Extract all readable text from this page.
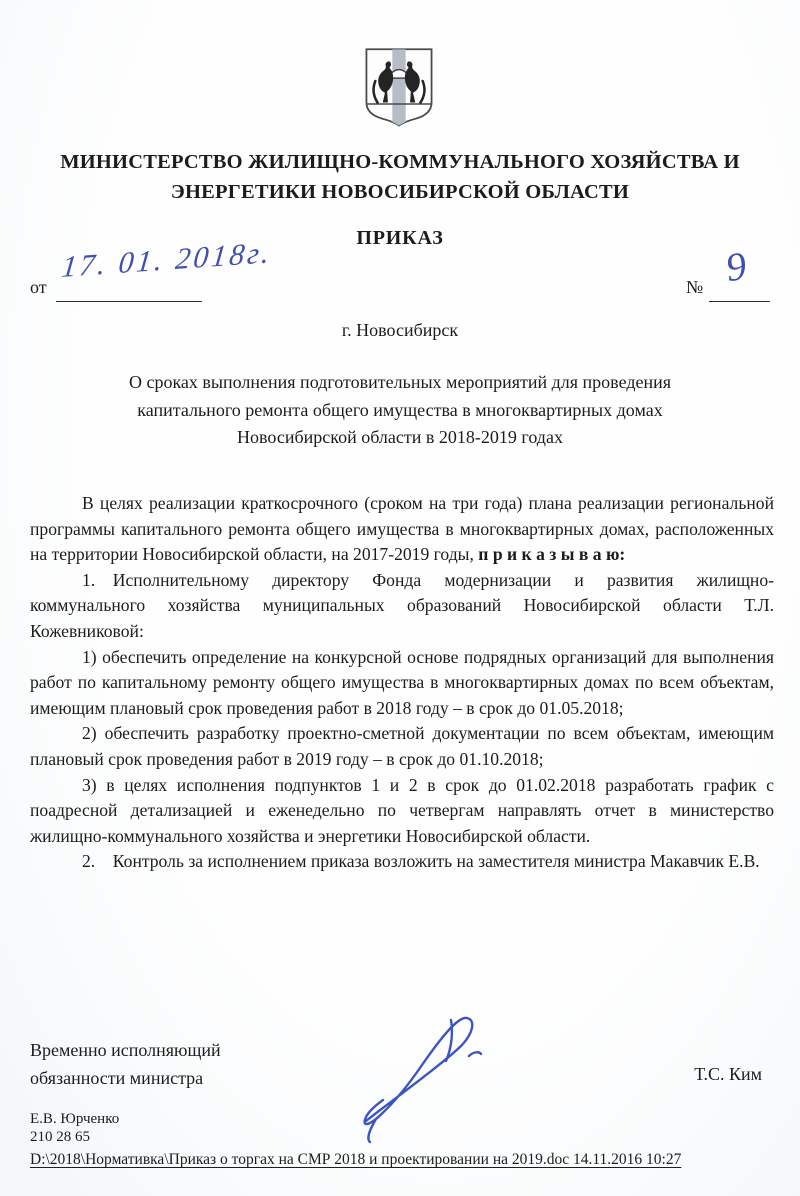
МИНИСТЕРСТВО ЖИЛИЩНО-КОММУНАЛЬНОГО ХОЗЯЙСТВА И
ЭНЕРГЕТИКИ НОВОСИБИРСКОЙ ОБЛАСТИ
ПРИКАЗ
от
17. 01. 2018г.
№ 9
г. Новосибирск
О сроках выполнения подготовительных мероприятий для проведения
капитального ремонта общего имущества в многоквартирных домах
Новосибирской области в 2018-2019 годах

В целях реализации краткосрочного (сроком на три года) плана реализации региональной программы капитального ремонта общего имущества в многоквартирных домах, расположенных на территории Новосибирской области, на 2017-2019 годы, п р и к а з ы в а ю:

1. Исполнительному директору Фонда модернизации и развития жилищно-коммунального хозяйства муниципальных образований Новосибирской области Т.Л. Кожевниковой:

1) обеспечить определение на конкурсной основе подрядных организаций для выполнения работ по капитальному ремонту общего имущества в многоквартирных домах по всем объектам, имеющим плановый срок проведения работ в 2018 году – в срок до 01.05.2018;

2) обеспечить разработку проектно-сметной документации по всем объектам, имеющим плановый срок проведения работ в 2019 году – в срок до 01.10.2018;

3) в целях исполнения подпунктов 1 и 2 в срок до 01.02.2018 разработать график с поадресной детализацией и еженедельно по четвергам направлять отчет в министерство жилищно-коммунального хозяйства и энергетики Новосибирской области.

2. Контроль за исполнением приказа возложить на заместителя министра Макавчик Е.В.

Временно исполняющий
обязанности министра	Т.С. Ким
Е.В. Юрченко
210 28 65
D:\2018\Нормативка\Приказ о торгах на СМР 2018 и проектировании на 2019.doc 14.11.2016 10:27
